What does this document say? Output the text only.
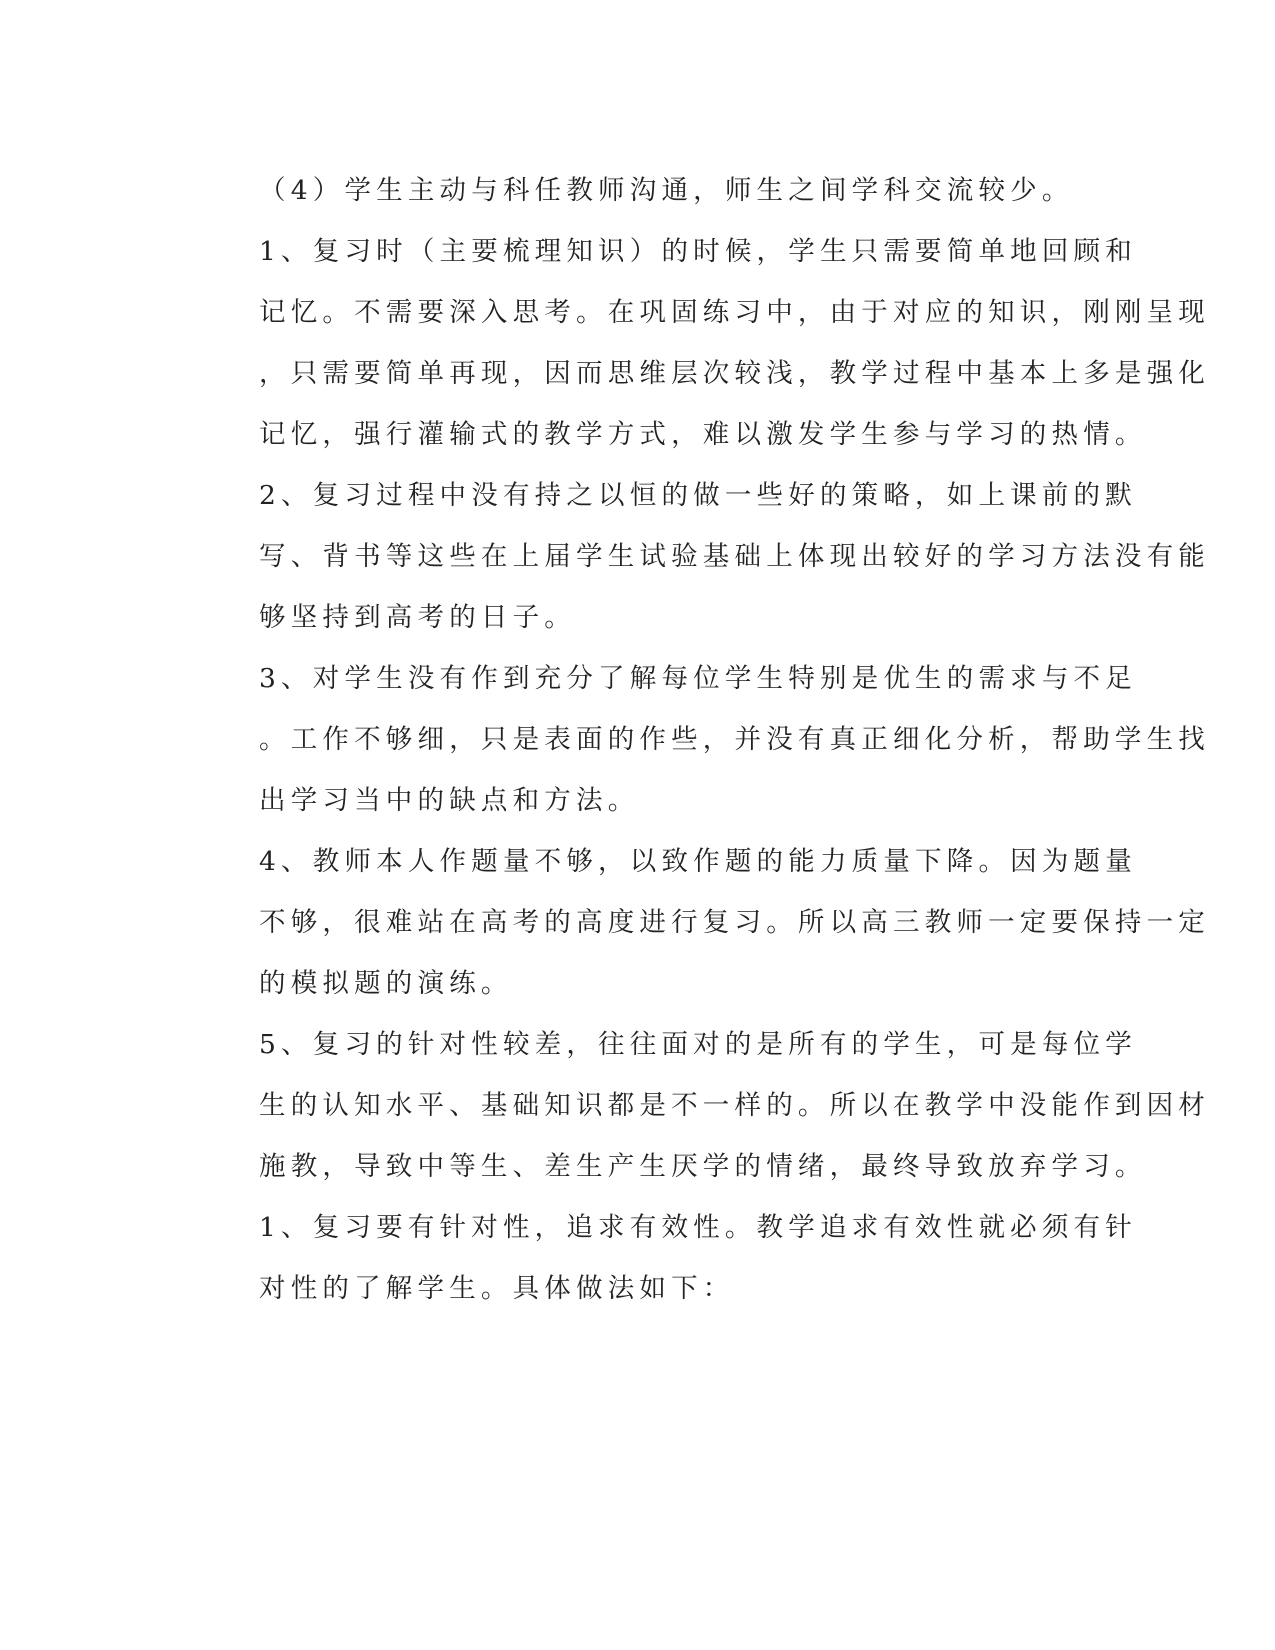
（4）学生主动与科任教师沟通，师生之间学科交流较少。

1、复习时（主要梳理知识）的时候，学生只需要简单地回顾和
记忆。不需要深入思考。在巩固练习中，由于对应的知识，刚刚呈现
，只需要简单再现，因而思维层次较浅，教学过程中基本上多是强化
记忆，强行灌输式的教学方式，难以激发学生参与学习的热情。

2、复习过程中没有持之以恒的做一些好的策略，如上课前的默
写、背书等这些在上届学生试验基础上体现出较好的学习方法没有能
够坚持到高考的日子。

3、对学生没有作到充分了解每位学生特别是优生的需求与不足
。工作不够细，只是表面的作些，并没有真正细化分析，帮助学生找
出学习当中的缺点和方法。

4、教师本人作题量不够，以致作题的能力质量下降。因为题量
不够，很难站在高考的高度进行复习。所以高三教师一定要保持一定
的模拟题的演练。

5、复习的针对性较差，往往面对的是所有的学生，可是每位学
生的认知水平、基础知识都是不一样的。所以在教学中没能作到因材
施教，导致中等生、差生产生厌学的情绪，最终导致放弃学习。

1、复习要有针对性，追求有效性。教学追求有效性就必须有针
对性的了解学生。具体做法如下：
